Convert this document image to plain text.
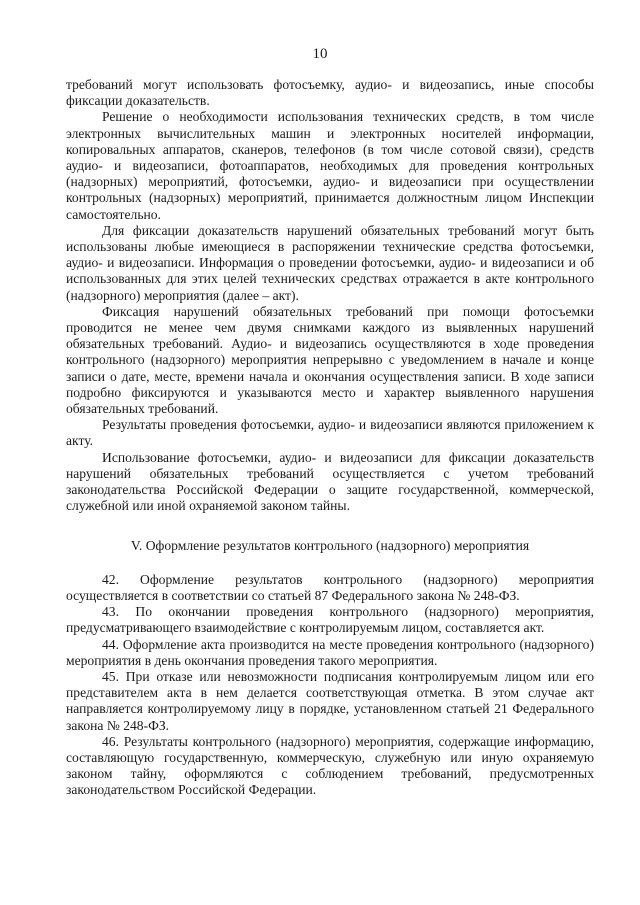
10

требований могут использовать фотосъемку, аудио- и видеозапись, иные способы фиксации доказательств.

Решение о необходимости использования технических средств, в том числе электронных вычислительных машин и электронных носителей информации, копировальных аппаратов, сканеров, телефонов (в том числе сотовой связи), средств аудио- и видеозаписи, фотоаппаратов, необходимых для проведения контрольных (надзорных) мероприятий, фотосъемки, аудио- и видеозаписи при осуществлении контрольных (надзорных) мероприятий, принимается должностным лицом Инспекции самостоятельно.

Для фиксации доказательств нарушений обязательных требований могут быть использованы любые имеющиеся в распоряжении технические средства фотосъемки, аудио- и видеозаписи. Информация о проведении фотосъемки, аудио- и видеозаписи и об использованных для этих целей технических средствах отражается в акте контрольного (надзорного) мероприятия (далее – акт).

Фиксация нарушений обязательных требований при помощи фотосъемки проводится не менее чем двумя снимками каждого из выявленных нарушений обязательных требований. Аудио- и видеозапись осуществляются в ходе проведения контрольного (надзорного) мероприятия непрерывно с уведомлением в начале и конце записи о дате, месте, времени начала и окончания осуществления записи. В ходе записи подробно фиксируются и указываются место и характер выявленного нарушения обязательных требований.

Результаты проведения фотосъемки, аудио- и видеозаписи являются приложением к акту.

Использование фотосъемки, аудио- и видеозаписи для фиксации доказательств нарушений обязательных требований осуществляется с учетом требований законодательства Российской Федерации о защите государственной, коммерческой, служебной или иной охраняемой законом тайны.

V. Оформление результатов контрольного (надзорного) мероприятия

42. Оформление результатов контрольного (надзорного) мероприятия осуществляется в соответствии со статьей 87 Федерального закона № 248-ФЗ.

43. По окончании проведения контрольного (надзорного) мероприятия, предусматривающего взаимодействие с контролируемым лицом, составляется акт.

44. Оформление акта производится на месте проведения контрольного (надзорного) мероприятия в день окончания проведения такого мероприятия.

45. При отказе или невозможности подписания контролируемым лицом или его представителем акта в нем делается соответствующая отметка. В этом случае акт направляется контролируемому лицу в порядке, установленном статьей 21 Федерального закона № 248-ФЗ.

46. Результаты контрольного (надзорного) мероприятия, содержащие информацию, составляющую государственную, коммерческую, служебную или иную охраняемую законом тайну, оформляются с соблюдением требований, предусмотренных законодательством Российской Федерации.
